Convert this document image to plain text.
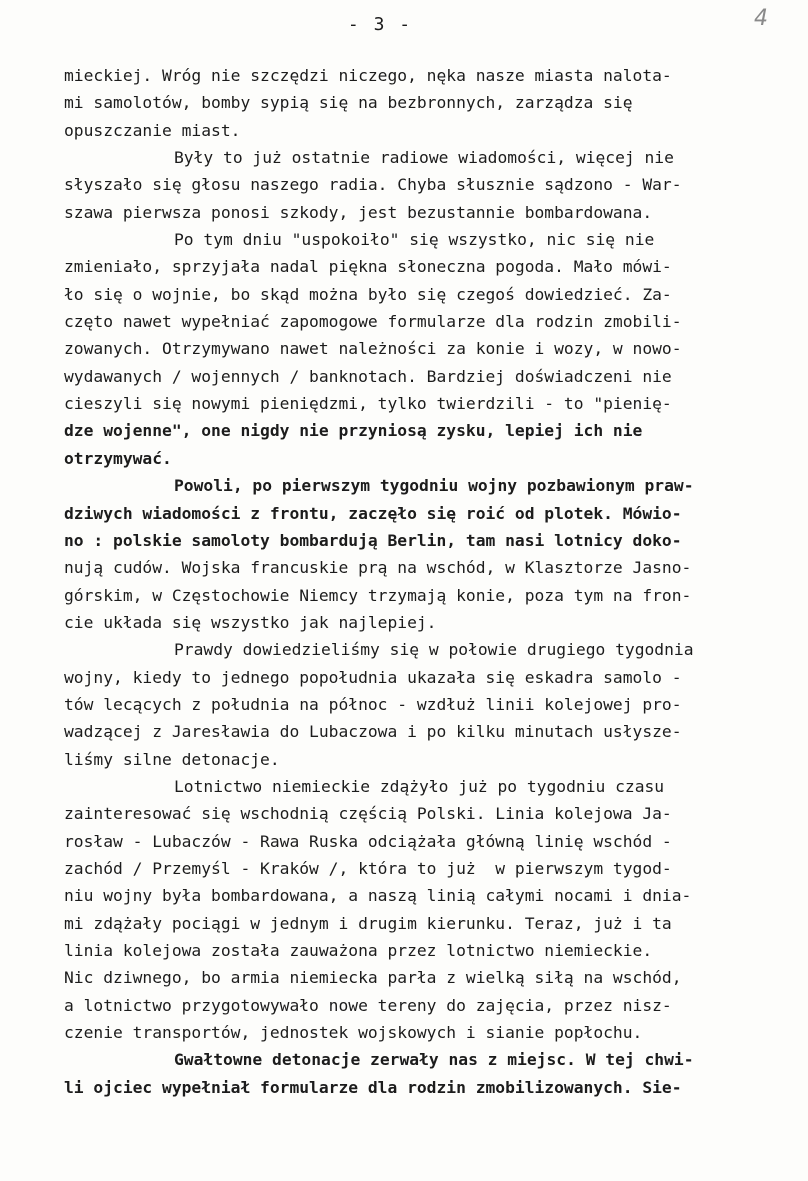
- 3 -	4
mieckiej. Wróg nie szczędzi niczego, nęka nasze miasta nalota-
mi samolotów, bomby sypią się na bezbronnych, zarządza się
opuszczanie miast.
Były to już ostatnie radiowe wiadomości, więcej nie
słyszało się głosu naszego radia. Chyba słusznie sądzono - War-
szawa pierwsza ponosi szkody, jest bezustannie bombardowana.
Po tym dniu "uspokoiło" się wszystko, nic się nie
zmieniało, sprzyjała nadal piękna słoneczna pogoda. Mało mówi-
ło się o wojnie, bo skąd można było się czegoś dowiedzieć. Za-
częto nawet wypełniać zapomogowe formularze dla rodzin zmobili-
zowanych. Otrzymywano nawet należności za konie i wozy, w nowo-
wydawanych / wojennych / banknotach. Bardziej doświadczeni nie
cieszyli się nowymi pieniędzmi, tylko twierdzili - to "pienię-
dze wojenne", one nigdy nie przyniosą zysku, lepiej ich nie
otrzymywać.
Powoli, po pierwszym tygodniu wojny pozbawionym praw-
dziwych wiadomości z frontu, zaczęło się roić od plotek. Mówio-
no : polskie samoloty bombardują Berlin, tam nasi lotnicy doko-
nują cudów. Wojska francuskie prą na wschód, w Klasztorze Jasno-
górskim, w Częstochowie Niemcy trzymają konie, poza tym na fron-
cie układa się wszystko jak najlepiej.
Prawdy dowiedzieliśmy się w połowie drugiego tygodnia
wojny, kiedy to jednego popołudnia ukazała się eskadra samolo -
tów lecących z południa na północ - wzdłuż linii kolejowej pro-
wadzącej z Jaresławia do Lubaczowa i po kilku minutach usłysze-
liśmy silne detonacje.
Lotnictwo niemieckie zdążyło już po tygodniu czasu
zainteresować się wschodnią częścią Polski. Linia kolejowa Ja-
rosław - Lubaczów - Rawa Ruska odciążała główną linię wschód -
zachód / Przemyśl - Kraków /, która to już  w pierwszym tygod-
niu wojny była bombardowana, a naszą linią całymi nocami i dnia-
mi zdążały pociągi w jednym i drugim kierunku. Teraz, już i ta
linia kolejowa została zauważona przez lotnictwo niemieckie.
Nic dziwnego, bo armia niemiecka parła z wielką siłą na wschód,
a lotnictwo przygotowywało nowe tereny do zajęcia, przez nisz-
czenie transportów, jednostek wojskowych i sianie popłochu.
Gwałtowne detonacje zerwały nas z miejsc. W tej chwi-
li ojciec wypełniał formularze dla rodzin zmobilizowanych. Sie-
